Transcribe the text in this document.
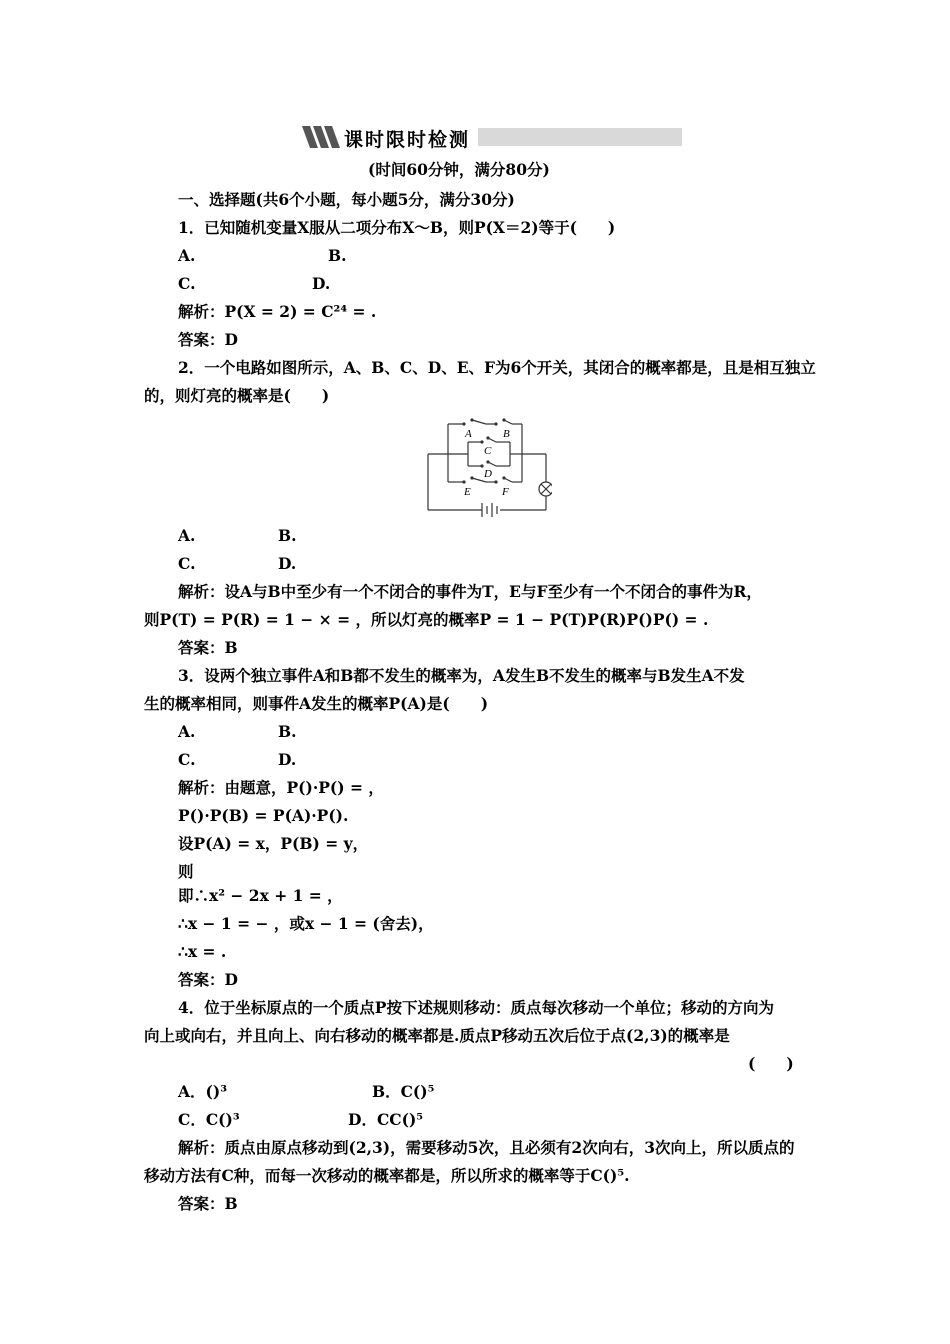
课时限时检测
(时间60分钟，满分80分)
一、选择题(共6个小题，每小题5分，满分30分)
1．已知随机变量X服从二项分布X～B，则P(X＝2)等于(　　)
A.	B.
C.	D.
解析：P(X = 2) = C²⁴ = .
答案：D
2．一个电路如图所示，A、B、C、D、E、F为6个开关，其闭合的概率都是，且是相互独立
的，则灯亮的概率是(　　)
A	B
C
D
E	F
A.	B.
C.	D.
解析：设A与B中至少有一个不闭合的事件为T，E与F至少有一个不闭合的事件为R，
则P(T) = P(R) = 1 − × = ，所以灯亮的概率P = 1 − P(T)P(R)P()P() = .
答案：B
3．设两个独立事件A和B都不发生的概率为，A发生B不发生的概率与B发生A不发
生的概率相同，则事件A发生的概率P(A)是(　　)
A.	B.
C.	D.
解析：由题意，P()·P() = ，
P()·P(B) = P(A)·P().
设P(A) = x，P(B) = y，
则
即∴x² − 2x + 1 = ，
∴x − 1 = − ，或x − 1 = (舍去)，
∴x = .
答案：D
4．位于坐标原点的一个质点P按下述规则移动：质点每次移动一个单位；移动的方向为
向上或向右，并且向上、向右移动的概率都是.质点P移动五次后位于点(2,3)的概率是
(　　)
A．()³	B．C()⁵
C．C()³	D．CC()⁵
解析：质点由原点移动到(2,3)，需要移动5次，且必须有2次向右，3次向上，所以质点的
移动方法有C种，而每一次移动的概率都是，所以所求的概率等于C()⁵.
答案：B
